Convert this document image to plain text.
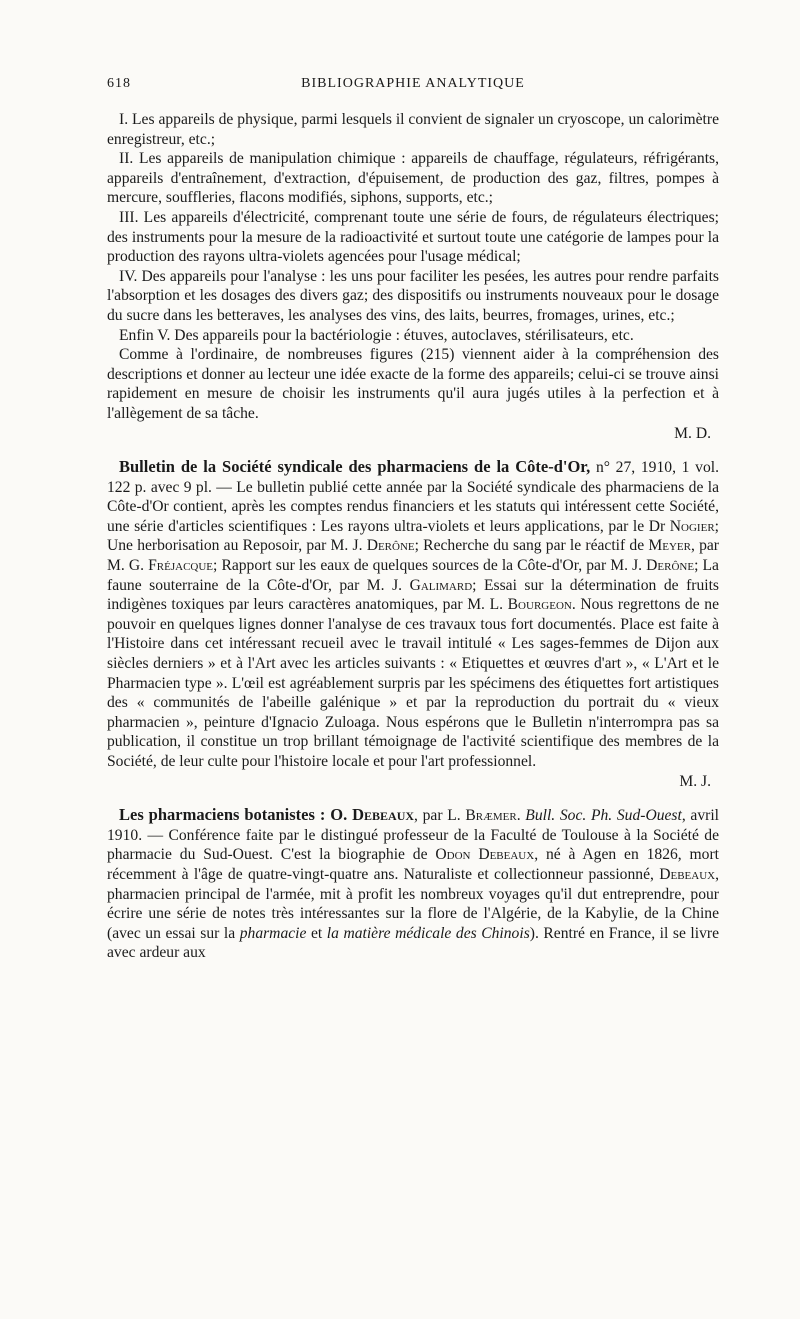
618	BIBLIOGRAPHIE ANALYTIQUE

I. Les appareils de physique, parmi lesquels il convient de signaler un cryoscope, un calorimètre enregistreur, etc.;

II. Les appareils de manipulation chimique : appareils de chauffage, régulateurs, réfrigérants, appareils d'entraînement, d'extraction, d'épuisement, de production des gaz, filtres, pompes à mercure, souffleries, flacons modifiés, siphons, supports, etc.;

III. Les appareils d'électricité, comprenant toute une série de fours, de régulateurs électriques; des instruments pour la mesure de la radioactivité et surtout toute une catégorie de lampes pour la production des rayons ultra-violets agencées pour l'usage médical;

IV. Des appareils pour l'analyse : les uns pour faciliter les pesées, les autres pour rendre parfaits l'absorption et les dosages des divers gaz; des dispositifs ou instruments nouveaux pour le dosage du sucre dans les betteraves, les analyses des vins, des laits, beurres, fromages, urines, etc.;

Enfin V. Des appareils pour la bactériologie : étuves, autoclaves, stérilisateurs, etc.

Comme à l'ordinaire, de nombreuses figures (215) viennent aider à la compréhension des descriptions et donner au lecteur une idée exacte de la forme des appareils; celui-ci se trouve ainsi rapidement en mesure de choisir les instruments qu'il aura jugés utiles à la perfection et à l'allègement de sa tâche.

M. D.

Bulletin de la Société syndicale des pharmaciens de la Côte-d'Or, n° 27, 1910, 1 vol. 122 p. avec 9 pl. — Le bulletin publié cette année par la Société syndicale des pharmaciens de la Côte-d'Or contient, après les comptes rendus financiers et les statuts qui intéressent cette Société, une série d'articles scientifiques : Les rayons ultra-violets et leurs applications, par le Dr Nogier; Une herborisation au Reposoir, par M. J. Derône; Recherche du sang par le réactif de Meyer, par M. G. Fréjacque; Rapport sur les eaux de quelques sources de la Côte-d'Or, par M. J. Derône; La faune souterraine de la Côte-d'Or, par M. J. Galimard; Essai sur la détermination de fruits indigènes toxiques par leurs caractères anatomiques, par M. L. Bourgeon. Nous regrettons de ne pouvoir en quelques lignes donner l'analyse de ces travaux tous fort documentés. Place est faite à l'Histoire dans cet intéressant recueil avec le travail intitulé « Les sages-femmes de Dijon aux siècles derniers » et à l'Art avec les articles suivants : « Etiquettes et œuvres d'art », « L'Art et le Pharmacien type ». L'œil est agréablement surpris par les spécimens des étiquettes fort artistiques des « communités de l'abeille galénique » et par la reproduction du portrait du « vieux pharmacien », peinture d'Ignacio Zuloaga. Nous espérons que le Bulletin n'interrompra pas sa publication, il constitue un trop brillant témoignage de l'activité scientifique des membres de la Société, de leur culte pour l'histoire locale et pour l'art professionnel.

M. J.

Les pharmaciens botanistes : O. Debeaux, par L. Bræmer. Bull. Soc. Ph. Sud-Ouest, avril 1910. — Conférence faite par le distingué professeur de la Faculté de Toulouse à la Société de pharmacie du Sud-Ouest. C'est la biographie de Odon Debeaux, né à Agen en 1826, mort récemment à l'âge de quatre-vingt-quatre ans. Naturaliste et collectionneur passionné, Debeaux, pharmacien principal de l'armée, mit à profit les nombreux voyages qu'il dut entreprendre, pour écrire une série de notes très intéressantes sur la flore de l'Algérie, de la Kabylie, de la Chine (avec un essai sur la pharmacie et la matière médicale des Chinois). Rentré en France, il se livre avec ardeur aux
